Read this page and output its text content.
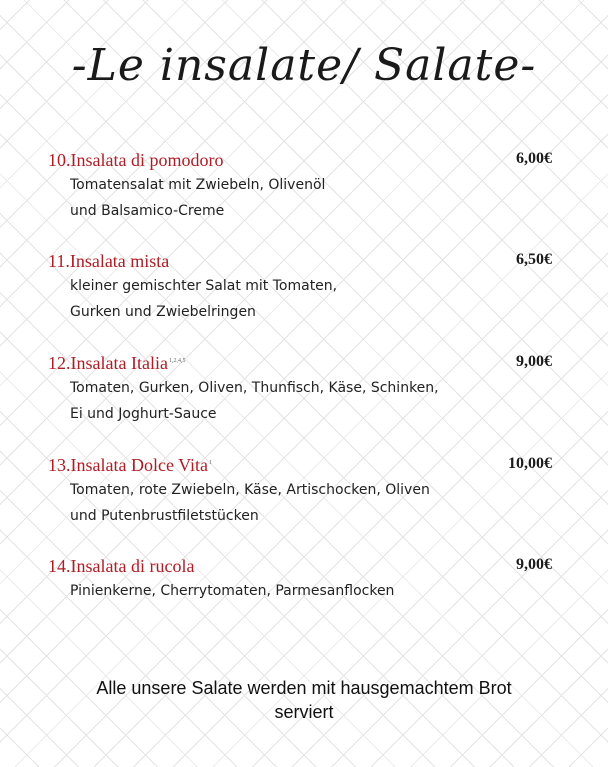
-Le insalate/ Salate-
10.Insalata di pomodoro	6,00€
Tomatensalat mit Zwiebeln, Olivenöl
und Balsamico-Creme
11.Insalata mista	6,50€
kleiner gemischter Salat mit Tomaten,
Gurken und Zwiebelringen
12.Insalata Italia$^{1,2,4,5}$	9,00€
Tomaten, Gurken, Oliven, Thunfisch, Käse, Schinken,
Ei und Joghurt-Sauce
13.Insalata Dolce Vita$^1$	10,00€
Tomaten, rote Zwiebeln, Käse, Artischocken, Oliven
und Putenbrustfiletstücken
14.Insalata di rucola	9,00€
Pinienkerne, Cherrytomaten, Parmesanflocken
Alle unsere Salate werden mit hausgemachtem Brot
serviert
